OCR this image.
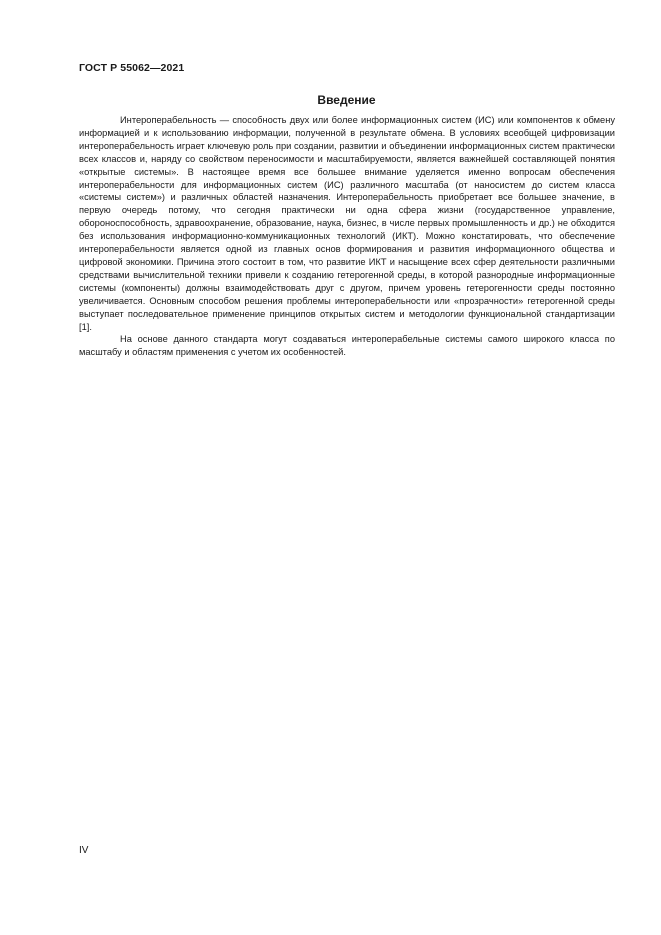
ГОСТ Р 55062—2021
Введение

Интероперабельность — способность двух или более информационных систем (ИС) или компонентов к обмену информацией и к использованию информации, полученной в результате обмена. В условиях всеобщей цифровизации интероперабельность играет ключевую роль при создании, развитии и объединении информационных систем практически всех классов и, наряду со свойством переносимости и масштабируемости, является важнейшей составляющей понятия «открытые системы». В настоящее время все большее внимание уделяется именно вопросам обеспечения интероперабельности для информационных систем (ИС) различного масштаба (от наносистем до систем класса «системы систем») и различных областей назначения. Интероперабельность приобретает все большее значение, в первую очередь потому, что сегодня практически ни одна сфера жизни (государственное управление, обороноспособность, здравоохранение, образование, наука, бизнес, в числе первых промышленность и др.) не обходится без использования информационно-коммуникационных технологий (ИКТ). Можно констатировать, что обеспечение интероперабельности является одной из главных основ формирования и развития информационного общества и цифровой экономики. Причина этого состоит в том, что развитие ИКТ и насыщение всех сфер деятельности различными средствами вычислительной техники привели к созданию гетерогенной среды, в которой разнородные информационные системы (компоненты) должны взаимодействовать друг с другом, причем уровень гетерогенности среды постоянно увеличивается. Основным способом решения проблемы интероперабельности или «прозрачности» гетерогенной среды выступает последовательное применение принципов открытых систем и методологии функциональной стандартизации [1].

На основе данного стандарта могут создаваться интероперабельные системы самого широкого класса по масштабу и областям применения с учетом их особенностей.

IV
